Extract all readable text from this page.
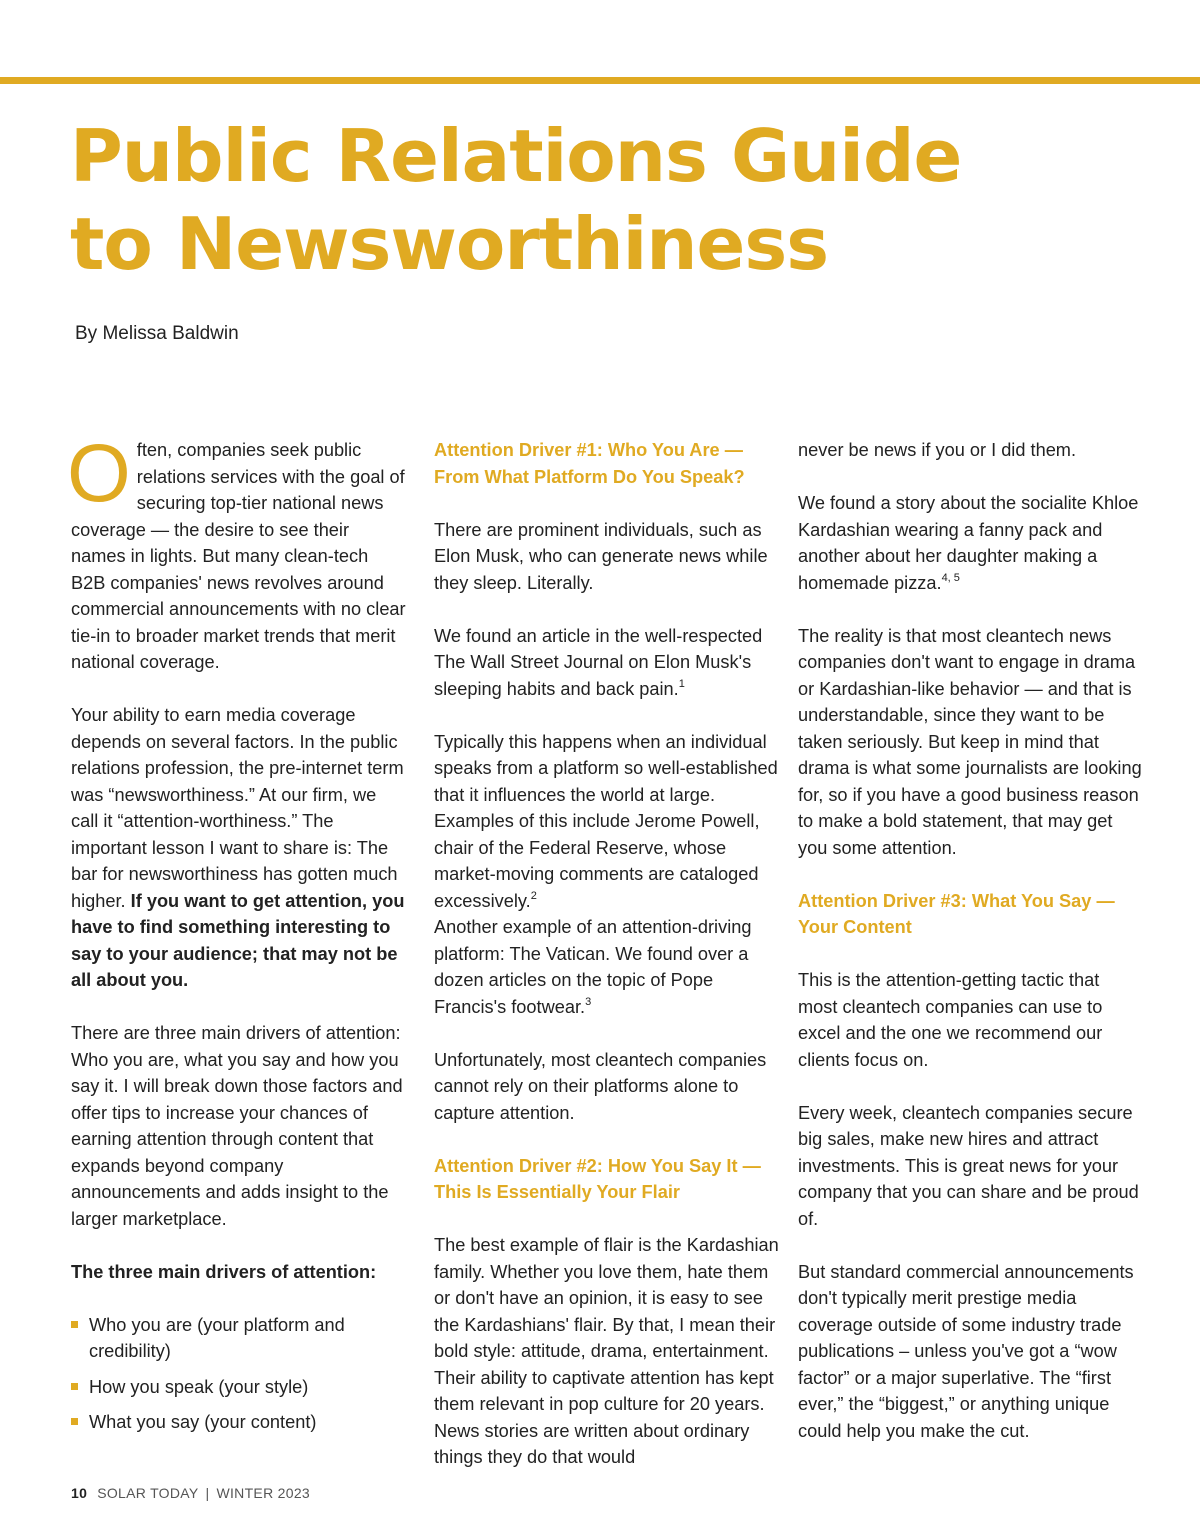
Public Relations Guide
to Newsworthiness
By Melissa Baldwin

Often, companies seek public relations services with the goal of securing top-tier national news coverage — the desire to see their names in lights. But many clean-tech B2B companies' news revolves around commercial announcements with no clear tie-in to broader market trends that merit national coverage.

Your ability to earn media coverage depends on several factors. In the public relations profession, the pre-internet term was “newsworthiness.” At our firm, we call it “attention-worthiness.” The important lesson I want to share is: The bar for newsworthiness has gotten much higher. If you want to get attention, you have to find something interesting to say to your audience; that may not be all about you.

There are three main drivers of attention: Who you are, what you say and how you say it. I will break down those factors and offer tips to increase your chances of earning attention through content that expands beyond company announcements and adds insight to the larger marketplace.

The three main drivers of attention:

Who you are (your platform and credibility)
How you speak (your style)
What you say (your content)

Attention Driver #1: Who You Are — From What Platform Do You Speak?

There are prominent individuals, such as Elon Musk, who can generate news while they sleep. Literally.

We found an article in the well-respected The Wall Street Journal on Elon Musk's sleeping habits and back pain.$^1$

Typically this happens when an individual speaks from a platform so well-established that it influences the world at large. Examples of this include Jerome Powell, chair of the Federal Reserve, whose market-moving comments are cataloged excessively.$^2$

Another example of an attention-driving platform: The Vatican. We found over a dozen articles on the topic of Pope Francis's footwear.$^3$

Unfortunately, most cleantech companies cannot rely on their platforms alone to capture attention.

Attention Driver #2: How You Say It — This Is Essentially Your Flair

The best example of flair is the Kardashian family. Whether you love them, hate them or don't have an opinion, it is easy to see the Kardashians' flair. By that, I mean their bold style: attitude, drama, entertainment. Their ability to captivate attention has kept them relevant in pop culture for 20 years. News stories are written about ordinary things they do that would

never be news if you or I did them.

We found a story about the socialite Khloe Kardashian wearing a fanny pack and another about her daughter making a homemade pizza.$^{4, 5}$

The reality is that most cleantech news companies don't want to engage in drama or Kardashian-like behavior — and that is understandable, since they want to be taken seriously. But keep in mind that drama is what some journalists are looking for, so if you have a good business reason to make a bold statement, that may get you some attention.

Attention Driver #3: What You Say — Your Content

This is the attention-getting tactic that most cleantech companies can use to excel and the one we recommend our clients focus on.

Every week, cleantech companies secure big sales, make new hires and attract investments. This is great news for your company that you can share and be proud of.

But standard commercial announcements don't typically merit prestige media coverage outside of some industry trade publications – unless you've got a “wow factor” or a major superlative. The “first ever,” the “biggest,” or anything unique could help you make the cut.

10 SOLAR TODAY | WINTER 2023
